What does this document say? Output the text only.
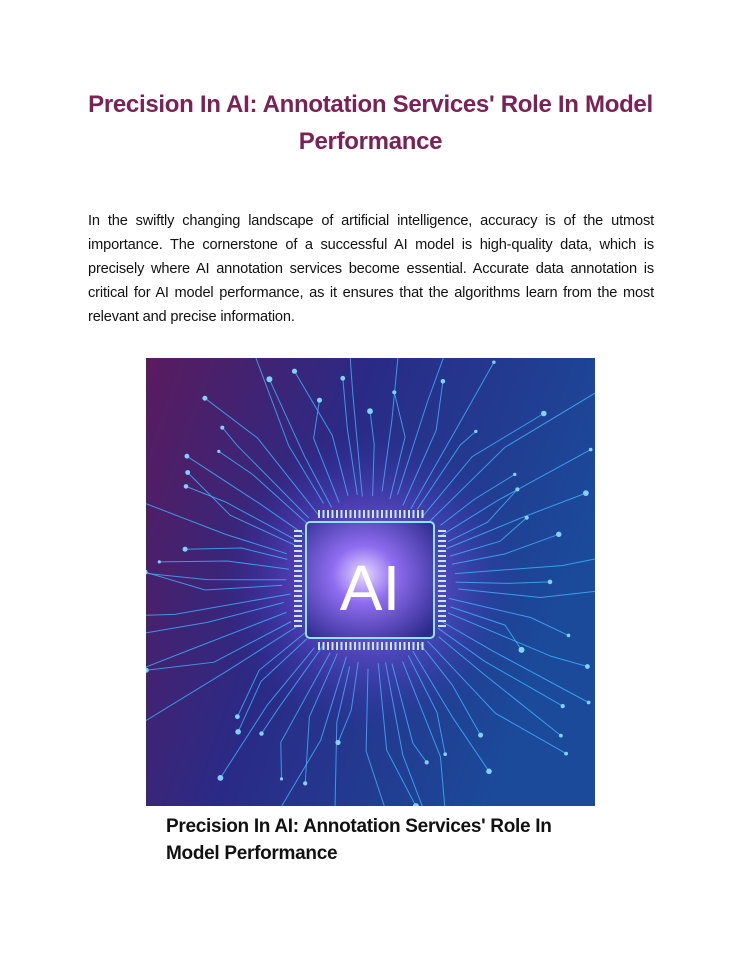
Precision In AI: Annotation Services' Role In Model Performance

In the swiftly changing landscape of artificial intelligence, accuracy is of the utmost importance. The cornerstone of a successful AI model is high-quality data, which is precisely where AI annotation services become essential. Accurate data annotation is critical for AI model performance, as it ensures that the algorithms learn from the most relevant and precise information.

AI
Precision In AI: Annotation Services' Role In
Model Performance
